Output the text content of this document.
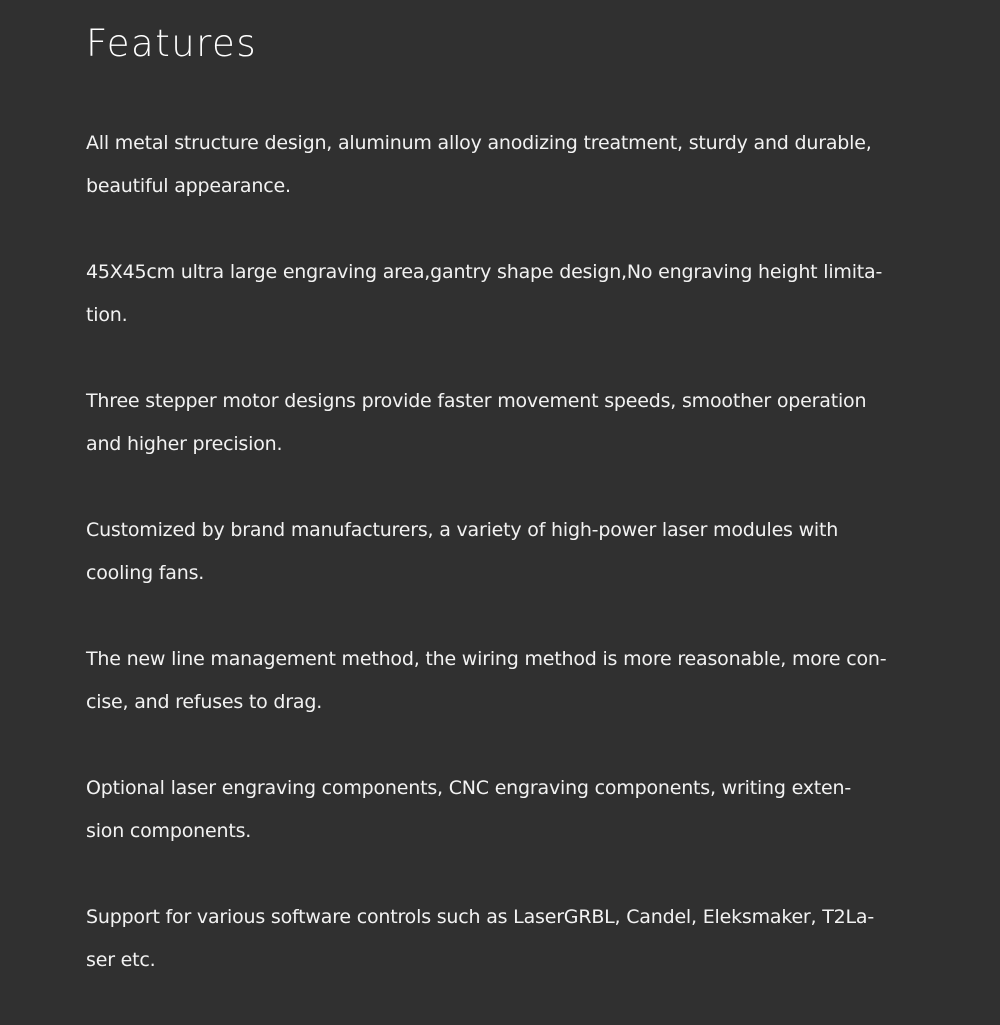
Features
All metal structure design, aluminum alloy anodizing treatment, sturdy and durable,
beautiful appearance.
45X45cm ultra large engraving area,gantry shape design,No engraving height limita-
tion.
Three stepper motor designs provide faster movement speeds, smoother operation
and higher precision.
Customized by brand manufacturers, a variety of high-power laser modules with
cooling fans.
The new line management method, the wiring method is more reasonable, more con-
cise, and refuses to drag.
Optional laser engraving components, CNC engraving components, writing exten-
sion components.
Support for various software controls such as LaserGRBL, Candel, Eleksmaker, T2La-
ser etc.
